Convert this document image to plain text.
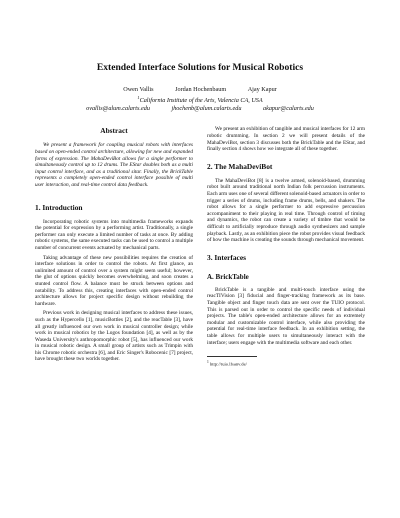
Extended Interface Solutions for Musical Robotics
Owen Vallis	Jordan Hochenbaum	Ajay Kapur
$^1$California Institute of the Arts, Valencia CA, USA
ovallis@alum.calarts.edu	jhochenb@alum.calarts.edu	akapur@calarts.edu
Abstract

We present a framework for coupling musical robots with interfaces based on open-ended control architecture, allowing for new and expanded forms of expression. The MahaDeviBot allows for a single performer to simultaneously control up to 12 drums. The EStar doubles both as a multi input control interface, and as a traditional sitar. Finally, the BrickTable represents a completely open-ended control interface possible of multi user interaction, and real-time control data feedback.

1. Introduction

Incorporating robotic systems into multimedia frameworks expands the potential for expression by a performing artist. Traditionally, a single performer can only execute a limited number of tasks at once. By adding robotic systems, the same executed tasks can be used to control a multiple number of concurrent events actuated by mechanical parts.

Taking advantage of these new possibilities requires the creation of interface solutions in order to control the robots. At first glance, an unlimited amount of control over a system might seem useful; however, the glut of options quickly becomes overwhelming, and soon creates a stunted control flow. A balance must be struck between options and notability. To address this, creating interfaces with open-ended control architecture allows for project specific design without rebuilding the hardware.

Previous work in designing musical interfaces to address these issues, such as the Hypercello [1], musicBottles [2], and the reacTable [3], have all greatly influenced our own work in musical controller design; while work in musical robotics by the Logos foundation [4], as well as by the Waseda University's anthropomorphic robot [5], has influenced our work in musical robotic design. A small group of artists such as Trimpin with his Chrome robotic orchestra [6], and Eric Singer's Robocenic [7] project, have brought these two worlds together.

We present an exhibition of tangible and musical interfaces for 12 arm robotic drumming. In section 2 we will present details of the MahaDeviBot, section 3 discusses both the BrickTable and the EStar, and finally section 4 shows how we integrate all of these together.

2. The MahaDeviBot

The MahaDeviBot [8] is a twelve armed, solenoid-based, drumming robot built around traditional north Indian folk percussion instruments. Each arm uses one of several different solenoid-based actuators in order to trigger a series of drums, including frame drums, bells, and shakers. The robot allows for a single performer to add expressive percussion accompaniment to their playing in real time. Through control of timing and dynamics, the robot can create a variety of timbre that would be difficult to artificially reproduce through audio synthesizers and sample playback. Lastly, as an exhibition piece the robot provides visual feedback of how the machine is creating the sounds through mechanical movement.

3. Interfaces
A. BrickTable

BrickTable is a tangible and multi-touch interface using the reacTIVision [3] fiducial and finger-tracking framework as its base. Tangible object and finger touch data are sent over the TUIO protocol. This is parsed out in order to control the specific needs of individual projects. The table's open-ended architecture allows for an extremely modular and customizable control interface, while also providing the potential for real-time interface feedback. In an exhibition setting, the table allows for multiple users to simultaneously interact with the interface; users engage with the multimedia software and each other.

$^1$ http://tuio.lfsanv.de/
